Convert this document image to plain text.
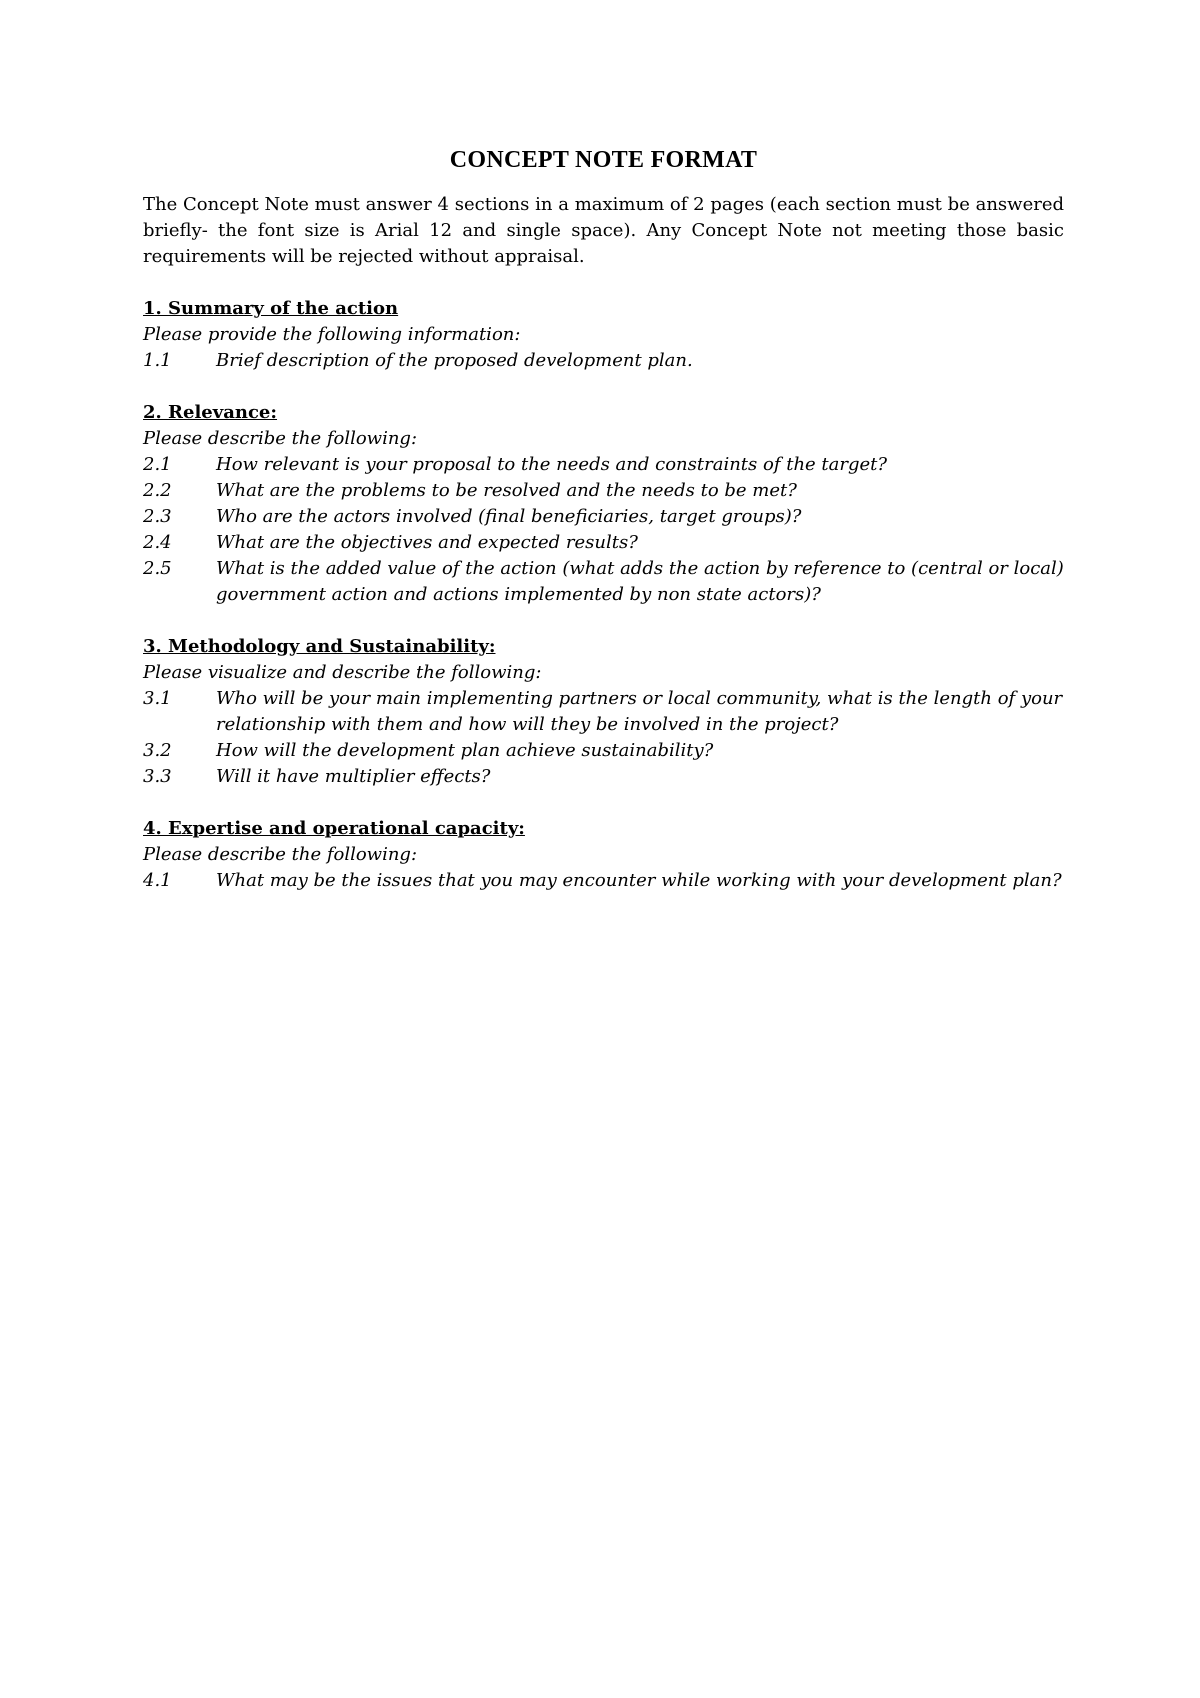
CONCEPT NOTE FORMAT

The Concept Note must answer 4 sections in a maximum of 2 pages (each section must be answered briefly- the font size is Arial 12 and single space). Any Concept Note not meeting those basic requirements will be rejected without appraisal.

1. Summary of the action

Please provide the following information:

1.1	Brief description of the proposed development plan.

2. Relevance:

Please describe the following:

2.1	How relevant is your proposal to the needs and constraints of the target?
2.2	What are the problems to be resolved and the needs to be met?
2.3	Who are the actors involved (final beneficiaries, target groups)?
2.4	What are the objectives and expected results?
2.5	What is the added value of the action (what adds the action by reference to (central or local) government action and actions implemented by non state actors)?

3. Methodology and Sustainability:

Please visualize and describe the following:

3.1	Who will be your main implementing partners or local community, what is the length of your relationship with them and how will they be involved in the project?
3.2	How will the development plan achieve sustainability?
3.3	Will it have multiplier effects?

4. Expertise and operational capacity:

Please describe the following:

4.1	What may be the issues that you may encounter while working with your development plan?
